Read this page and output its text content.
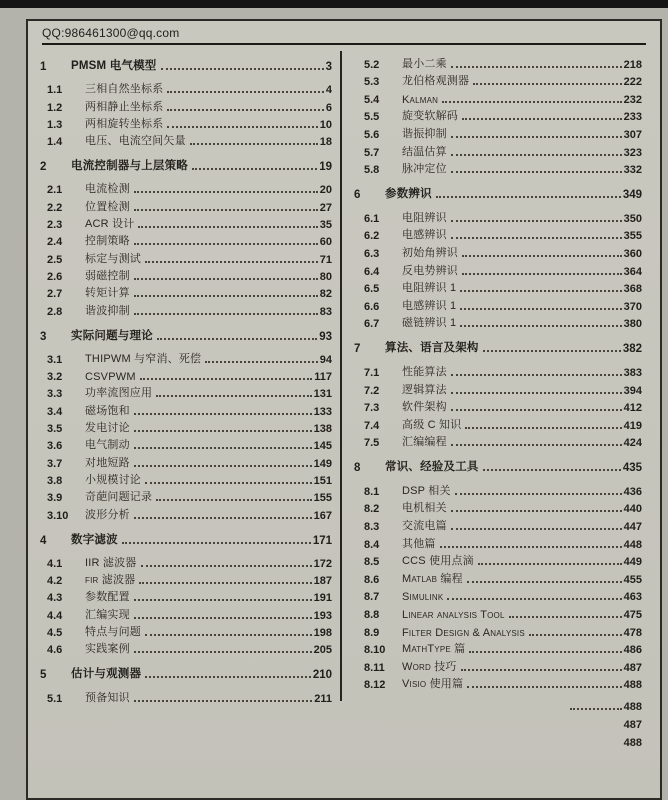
QQ:986461300@qq.com
1	PMSM 电气模型	3
1.1	三相自然坐标系	4
1.2	两相静止坐标系	6
1.3	两相旋转坐标系	10
1.4	电压、电流空间矢量	18
2	电流控制器与上层策略	19
2.1	电流检测	20
2.2	位置检测	27
2.3	ACR 设计	35
2.4	控制策略	60
2.5	标定与测试	71
2.6	弱磁控制	80
2.7	转矩计算	82
2.8	谐波抑制	83
3	实际问题与理论	93
3.1	THIPWM 与窄消、死偿	94
3.2	CSVPWM	117
3.3	功率流图应用	131
3.4	磁场饱和	133
3.5	发电讨论	138
3.6	电气制动	145
3.7	对地短路	149
3.8	小规模讨论	151
3.9	奇葩问题记录	155
3.10	波形分析	167
4	数字滤波	171
4.1	IIR 滤波器	172
4.2	fir 滤波器	187
4.3	参数配置	191
4.4	汇编实现	193
4.5	特点与问题	198
4.6	实践案例	205
5	估计与观测器	210
5.1	预备知识	211
5.2	最小二乘	218
5.3	龙伯格观测器	222
5.4	Kalman	232
5.5	旋变软解码	233
5.6	谐振抑制	307
5.7	结温估算	323
5.8	脉冲定位	332
6	参数辨识	349
6.1	电阻辨识	350
6.2	电感辨识	355
6.3	初始角辨识	360
6.4	反电势辨识	364
6.5	电阻辨识 1	368
6.6	电感辨识 1	370
6.7	磁链辨识 1	380
7	算法、语言及架构	382
7.1	性能算法	383
7.2	逻辑算法	394
7.3	软件架构	412
7.4	高级 C 知识	419
7.5	汇编编程	424
8	常识、经验及工具	435
8.1	DSP 相关	436
8.2	电机相关	440
8.3	交流电篇	447
8.4	其他篇	448
8.5	CCS 使用点滴	449
8.6	Matlab 编程	455
8.7	Simulink	463
8.8	Linear analysis Tool	475
8.9	Filter Design & Analysis	478
8.10	MathType 篇	486
8.11	Word 技巧	487
8.12	Visio 使用篇	488
488
487
488
